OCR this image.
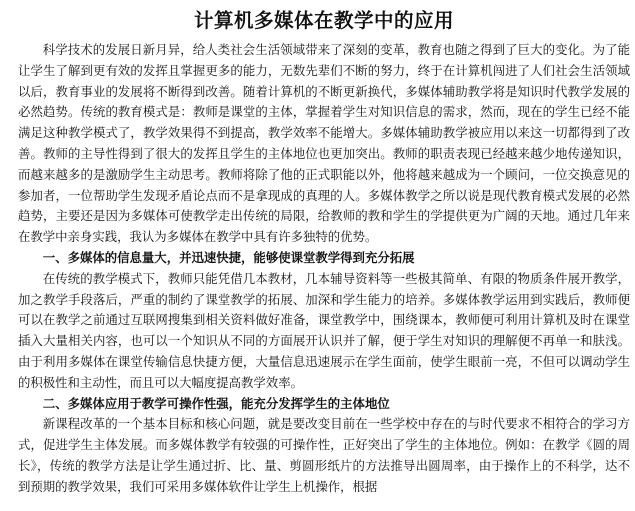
计算机多媒体在教学中的应用

科学技术的发展日新月异，给人类社会生活领域带来了深刻的变革，教育也随之得到了巨大的变化。为了能让学生了解到更有效的发挥且掌握更多的能力，无数先辈们不断的努力，终于在计算机闯进了人们社会生活领域以后，教育事业的发展将不断得到改善。随着计算机的不断更新换代，多媒体辅助教学将是知识时代教学发展的必然趋势。传统的教育模式是：教师是课堂的主体，掌握着学生对知识信息的需求，然而，现在的学生已经不能满足这种教学模式了，教学效果得不到提高，教学效率不能增大。多媒体辅助教学被应用以来这一切都得到了改善。教师的主导性得到了很大的发挥且学生的主体地位也更加突出。教师的职责表现已经越来越少地传递知识，而越来越多的是激励学生主动思考。教师将除了他的正式职能以外，他将越来越成为一个顾问，一位交换意见的参加者，一位帮助学生发现矛盾论点而不是拿现成的真理的人。多媒体教学之所以说是现代教育模式发展的必然趋势，主要还是因为多媒体可使教学走出传统的局限，给教师的教和学生的学提供更为广阔的天地。通过几年来在教学中亲身实践，我认为多媒体在教学中具有许多独特的优势。

一、多媒体的信息量大，并迅速快捷，能够使课堂教学得到充分拓展

在传统的教学模式下，教师只能凭借几本教材，几本辅导资料等一些极其简单、有限的物质条件展开教学，加之教学手段落后，严重的制约了课堂教学的拓展、加深和学生能力的培养。多媒体教学运用到实践后，教师便可以在教学之前通过互联网搜集到相关资料做好准备，课堂教学中，围绕课本，教师便可利用计算机及时在课堂插入大量相关内容，也可以一个知识从不同的方面展开认识并了解，便于学生对知识的理解便不再单一和肤浅。由于利用多媒体在课堂传输信息快捷方便，大量信息迅速展示在学生面前，使学生眼前一亮，不但可以调动学生的积极性和主动性，而且可以大幅度提高教学效率。

二、多媒体应用于教学可操作性强，能充分发挥学生的主体地位

新课程改革的一个基本目标和核心问题，就是要改变目前在一些学校中存在的与时代要求不相符合的学习方式，促进学生主体发展。而多媒体教学有较强的可操作性，正好突出了学生的主体地位。例如：在教学《圆的周长》，传统的教学方法是让学生通过折、比、量、剪圆形纸片的方法推导出圆周率，由于操作上的不科学，达不到预期的教学效果，我们可采用多媒体软件让学生上机操作，根据
